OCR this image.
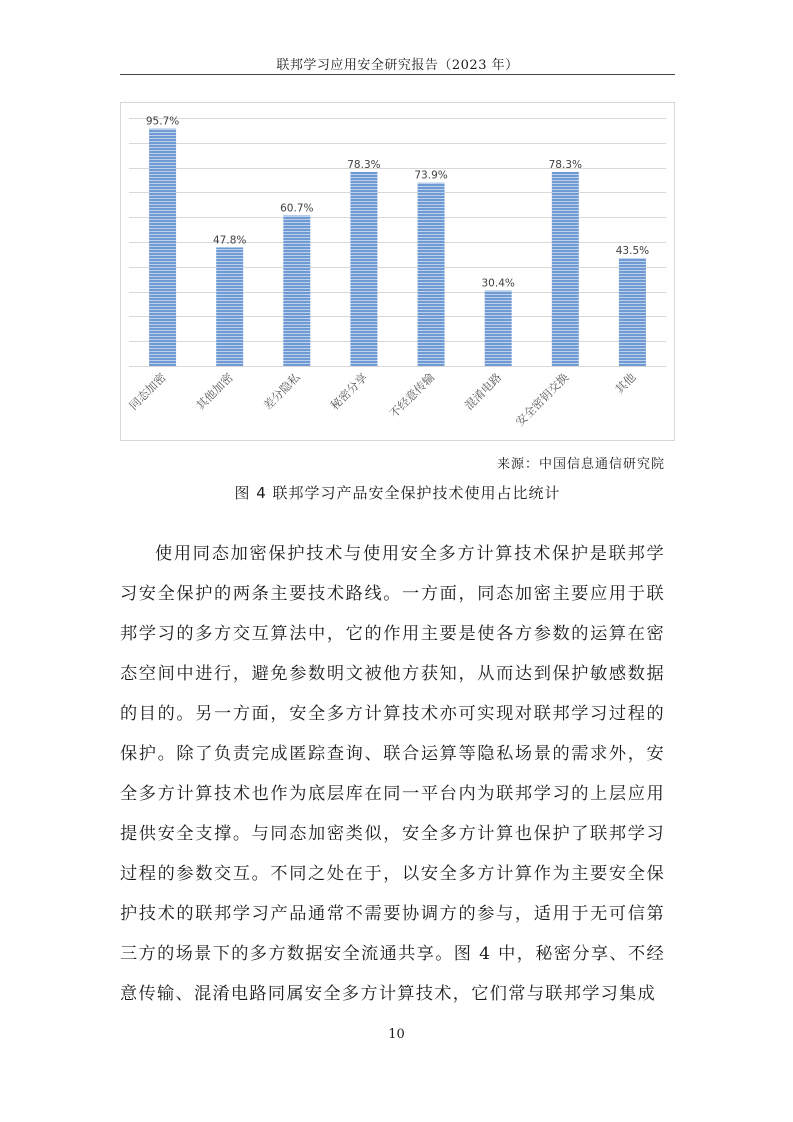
联邦学习应用安全研究报告（2023 年）
95.7%
同态加密
47.8%
其他加密
60.7%
差分隐私
78.3%
秘密分享
73.9%
不经意传输
30.4%
混淆电路
78.3%
安全密钥交换
43.5%
其他
来源：中国信息通信研究院
图 4 联邦学习产品安全保护技术使用占比统计

使用同态加密保护技术与使用安全多方计算技术保护是联邦学习安全保护的两条主要技术路线。一方面，同态加密主要应用于联邦学习的多方交互算法中，它的作用主要是使各方参数的运算在密态空间中进行，避免参数明文被他方获知，从而达到保护敏感数据的目的。另一方面，安全多方计算技术亦可实现对联邦学习过程的保护。除了负责完成匿踪查询、联合运算等隐私场景的需求外，安全多方计算技术也作为底层库在同一平台内为联邦学习的上层应用提供安全支撑。与同态加密类似，安全多方计算也保护了联邦学习过程的参数交互。不同之处在于，以安全多方计算作为主要安全保护技术的联邦学习产品通常不需要协调方的参与，适用于无可信第三方的场景下的多方数据安全流通共享。图 4 中，秘密分享、不经意传输、混淆电路同属安全多方计算技术，它们常与联邦学习集成

10
